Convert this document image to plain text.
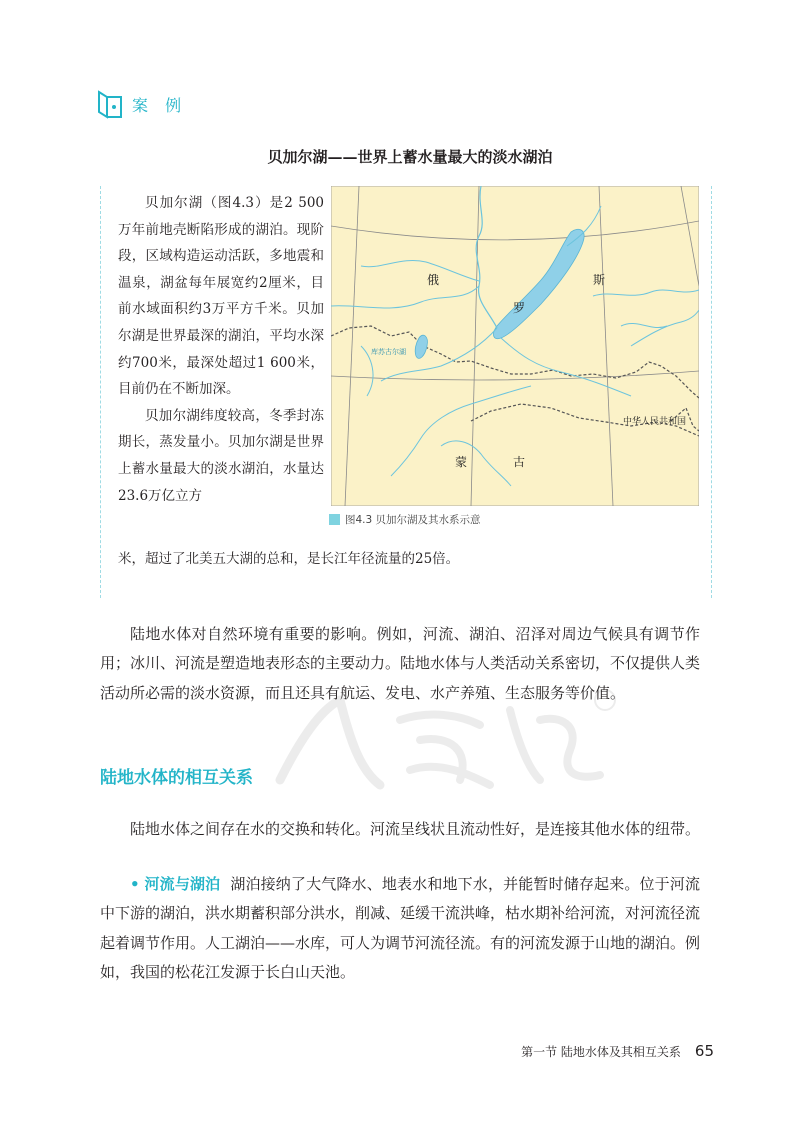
案 例
贝加尔湖——世界上蓄水量最大的淡水湖泊

贝加尔湖（图4.3）是2 500万年前地壳断陷形成的湖泊。现阶段，区域构造运动活跃，多地震和温泉，湖盆每年展宽约2厘米，目前水域面积约3万平方千米。贝加尔湖是世界最深的湖泊，平均水深约700米，最深处超过1 600米，目前仍在不断加深。

贝加尔湖纬度较高，冬季封冻期长，蒸发量小。贝加尔湖是世界上蓄水量最大的淡水湖泊，水量达23.6万亿立方

米，超过了北美五大湖的总和，是长江年径流量的25倍。
俄
罗
斯
蒙	古
中华人民共和国
库苏古尔湖
图4.3 贝加尔湖及其水系示意

陆地水体对自然环境有重要的影响。例如，河流、湖泊、沼泽对周边气候具有调节作用；冰川、河流是塑造地表形态的主要动力。陆地水体与人类活动关系密切，不仅提供人类活动所必需的淡水资源，而且还具有航运、发电、水产养殖、生态服务等价值。

陆地水体的相互关系

陆地水体之间存在水的交换和转化。河流呈线状且流动性好，是连接其他水体的纽带。

• 河流与湖泊 湖泊接纳了大气降水、地表水和地下水，并能暂时储存起来。位于河流中下游的湖泊，洪水期蓄积部分洪水，削减、延缓干流洪峰，枯水期补给河流，对河流径流起着调节作用。人工湖泊——水库，可人为调节河流径流。有的河流发源于山地的湖泊。例如，我国的松花江发源于长白山天池。

第一节 陆地水体及其相互关系 65
